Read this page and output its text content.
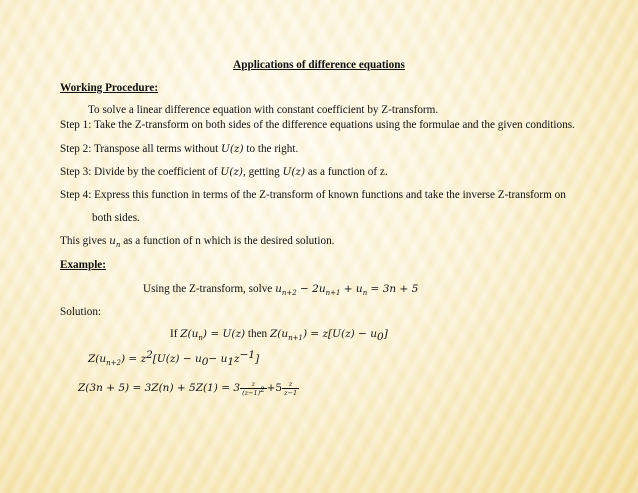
Applications of difference equations
Working Procedure:
To solve a linear difference equation with constant coefficient by Z-transform.
Step 1: Take the Z-transform on both sides of the difference equations using the formulae and the given conditions.
Step 2: Transpose all terms without U(z) to the right.
Step 3: Divide by the coefficient of U(z), getting U(z) as a function of z.
Step 4: Express this function in terms of the Z-transform of known functions and take the inverse Z-transform on
both sides.
This gives $u_n$ as a function of n which is the desired solution.
Example:
Using the Z-transform, solve $u_{n+2} - 2u_{n+1} + u_n = 3n + 5$
Solution:
If $Z(u_n) = U(z)$ then $Z(u_{n+1}) = z[U(z) - u_0]$
$Z(u_{n+2}) = z^2[U(z) - u_0- u_1z^{-1}]$
$Z(3n + 5) = 3Z(n) + 5Z(1) = 3 \frac{z}{(z-1)^2} +5 \frac{z}{z-1}$
